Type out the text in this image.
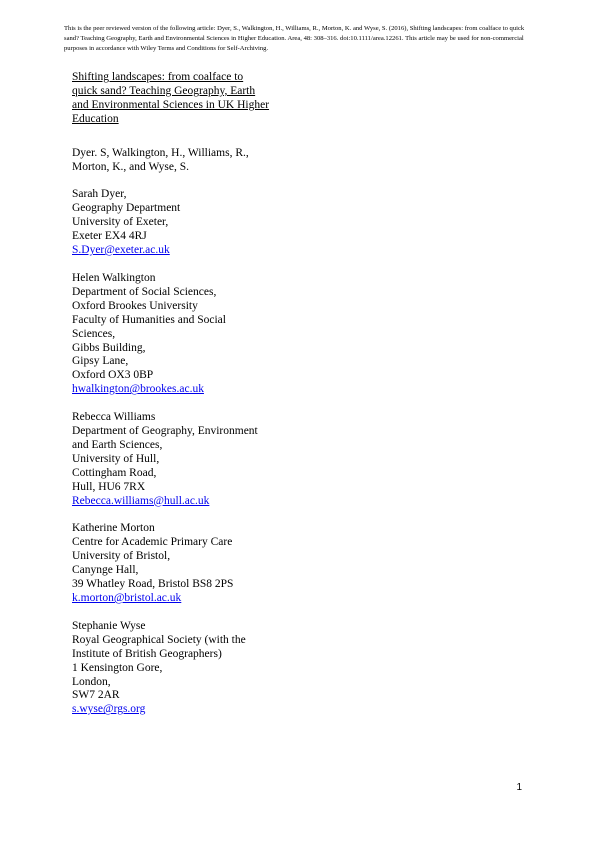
This is the peer reviewed version of the following article: Dyer, S., Walkington, H., Williams, R., Morton, K. and Wyse, S. (2016), Shifting landscapes: from coalface to quick sand? Teaching Geography, Earth and Environmental Sciences in Higher Education. Area, 48: 308–316. doi:10.1111/area.12261. This article may be used for non-commercial purposes in accordance with Wiley Terms and Conditions for Self-Archiving.

Shifting landscapes: from coalface to
quick sand? Teaching Geography, Earth
and Environmental Sciences in UK Higher
Education

Dyer. S, Walkington, H., Williams, R.,
Morton, K., and Wyse, S.

Sarah Dyer,

Geography Department

University of Exeter,

Exeter EX4 4RJ

S.Dyer@exeter.ac.uk

Helen Walkington

Department of Social Sciences,

Oxford Brookes University

Faculty of Humanities and Social

Sciences,

Gibbs Building,

Gipsy Lane,

Oxford OX3 0BP

hwalkington@brookes.ac.uk

Rebecca Williams

Department of Geography, Environment

and Earth Sciences,

University of Hull,

Cottingham Road,

Hull, HU6 7RX

Rebecca.williams@hull.ac.uk

Katherine Morton

Centre for Academic Primary Care

University of Bristol,

Canynge Hall,

39 Whatley Road, Bristol BS8 2PS

k.morton@bristol.ac.uk

Stephanie Wyse

Royal Geographical Society (with the

Institute of British Geographers)

1 Kensington Gore,

London,

SW7 2AR

s.wyse@rgs.org
1
